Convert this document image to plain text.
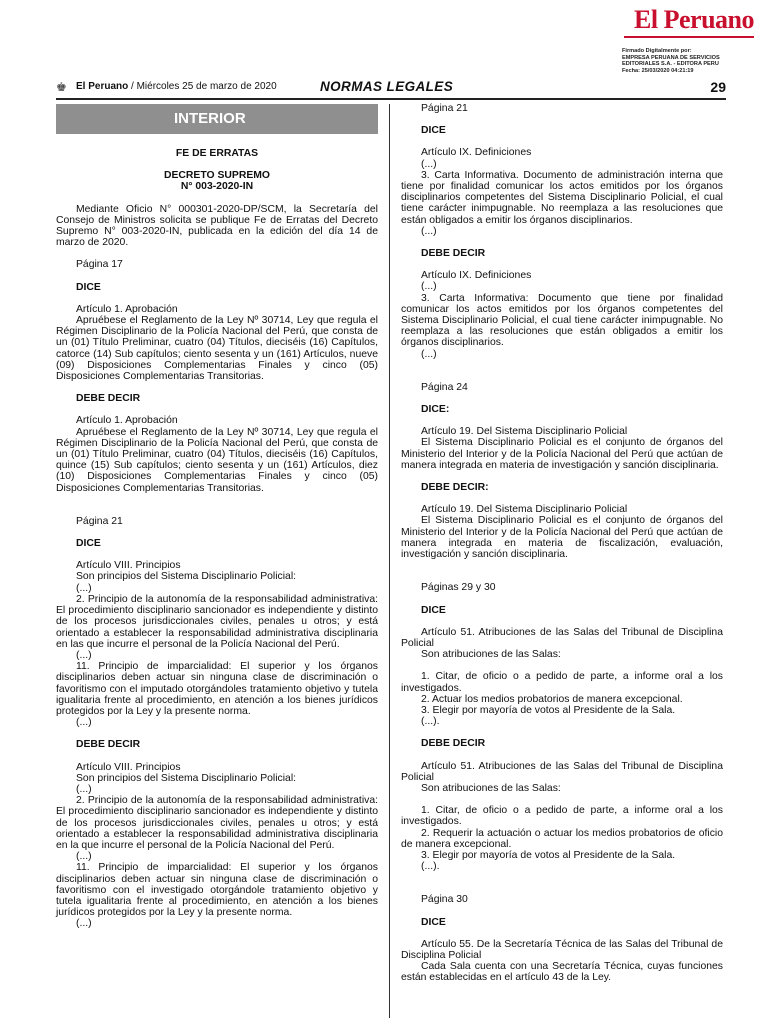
El Peruano
Firmado Digitalmente por:
EMPRESA PERUANA DE SERVICIOS
EDITORIALES S.A. - EDITORA PERU
Fecha: 25/03/2020 04:21:19
♚ El Peruano / Miércoles 25 de marzo de 2020	NORMAS LEGALES	29
INTERIOR
FE DE ERRATAS
DECRETO SUPREMO
N° 003-2020-IN

Mediante Oficio N° 000301-2020-DP/SCM, la Secretaría del Consejo de Ministros solicita se publique Fe de Erratas del Decreto Supremo N° 003-2020-IN, publicada en la edición del día 14 de marzo de 2020.

Página 17

DICE

Artículo 1. Aprobación

Apruébese el Reglamento de la Ley Nº 30714, Ley que regula el Régimen Disciplinario de la Policía Nacional del Perú, que consta de un (01) Título Preliminar, cuatro (04) Títulos, dieciséis (16) Capítulos, catorce (14) Sub capítulos; ciento sesenta y un (161) Artículos, nueve (09) Disposiciones Complementarias Finales y cinco (05) Disposiciones Complementarias Transitorias.

DEBE DECIR

Artículo 1. Aprobación

Apruébese el Reglamento de la Ley Nº 30714, Ley que regula el Régimen Disciplinario de la Policía Nacional del Perú, que consta de un (01) Título Preliminar, cuatro (04) Títulos, dieciséis (16) Capítulos, quince (15) Sub capítulos; ciento sesenta y un (161) Artículos, diez (10) Disposiciones Complementarias Finales y cinco (05) Disposiciones Complementarias Transitorias.

Página 21

DICE

Artículo VIII. Principios

Son principios del Sistema Disciplinario Policial:

(...)

2. Principio de la autonomía de la responsabilidad administrativa: El procedimiento disciplinario sancionador es independiente y distinto de los procesos jurisdiccionales civiles, penales u otros; y está orientado a establecer la responsabilidad administrativa disciplinaria en las que incurre el personal de la Policía Nacional del Perú.

(...)

11. Principio de imparcialidad: El superior y los órganos disciplinarios deben actuar sin ninguna clase de discriminación o favoritismo con el imputado otorgándoles tratamiento objetivo y tutela igualitaria frente al procedimiento, en atención a los bienes jurídicos protegidos por la Ley y la presente norma.

(...)

DEBE DECIR

Artículo VIII. Principios

Son principios del Sistema Disciplinario Policial:

(...)

2. Principio de la autonomía de la responsabilidad administrativa: El procedimiento disciplinario sancionador es independiente y distinto de los procesos jurisdiccionales civiles, penales u otros; y está orientado a establecer la responsabilidad administrativa disciplinaria en la que incurre el personal de la Policía Nacional del Perú.

(...)

11. Principio de imparcialidad: El superior y los órganos disciplinarios deben actuar sin ninguna clase de discriminación o favoritismo con el investigado otorgándole tratamiento objetivo y tutela igualitaria frente al procedimiento, en atención a los bienes jurídicos protegidos por la Ley y la presente norma.

(...)

Página 21

DICE

Artículo IX. Definiciones

(...)

3. Carta Informativa. Documento de administración interna que tiene por finalidad comunicar los actos emitidos por los órganos disciplinarios competentes del Sistema Disciplinario Policial, el cual tiene carácter inimpugnable. No reemplaza a las resoluciones que están obligados a emitir los órganos disciplinarios.

(...)

DEBE DECIR

Artículo IX. Definiciones

(...)

3. Carta Informativa: Documento que tiene por finalidad comunicar los actos emitidos por los órganos competentes del Sistema Disciplinario Policial, el cual tiene carácter inimpugnable. No reemplaza a las resoluciones que están obligados a emitir los órganos disciplinarios.

(...)

Página 24

DICE:

Artículo 19. Del Sistema Disciplinario Policial

El Sistema Disciplinario Policial es el conjunto de órganos del Ministerio del Interior y de la Policía Nacional del Perú que actúan de manera integrada en materia de investigación y sanción disciplinaria.

DEBE DECIR:

Artículo 19. Del Sistema Disciplinario Policial

El Sistema Disciplinario Policial es el conjunto de órganos del Ministerio del Interior y de la Policía Nacional del Perú que actúan de manera integrada en materia de fiscalización, evaluación, investigación y sanción disciplinaria.

Páginas 29 y 30

DICE

Artículo 51. Atribuciones de las Salas del Tribunal de Disciplina Policial

Son atribuciones de las Salas:

1. Citar, de oficio o a pedido de parte, a informe oral a los investigados.

2. Actuar los medios probatorios de manera excepcional.

3. Elegir por mayoría de votos al Presidente de la Sala.

(...).

DEBE DECIR

Artículo 51. Atribuciones de las Salas del Tribunal de Disciplina Policial

Son atribuciones de las Salas:

1. Citar, de oficio o a pedido de parte, a informe oral a los investigados.

2. Requerir la actuación o actuar los medios probatorios de oficio de manera excepcional.

3. Elegir por mayoría de votos al Presidente de la Sala.

(...).

Página 30

DICE

Artículo 55. De la Secretaría Técnica de las Salas del Tribunal de Disciplina Policial

Cada Sala cuenta con una Secretaría Técnica, cuyas funciones están establecidas en el artículo 43 de la Ley.
